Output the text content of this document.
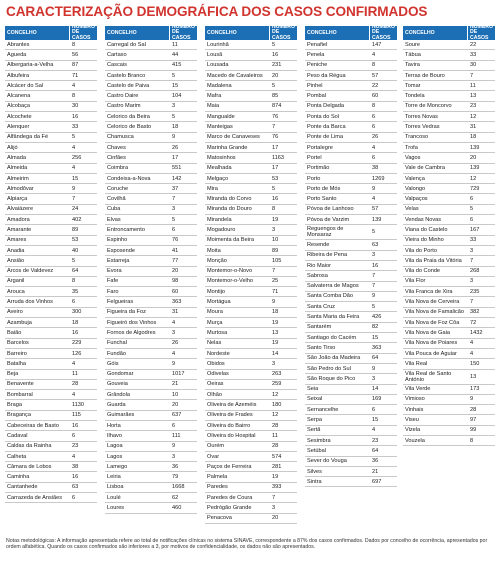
CARACTERIZAÇÃO DEMOGRÁFICA DOS CASOS CONFIRMADOS
CONCELHO
NÚMERO DE CASOS
Abrantes	8
Águeda	56
Albergaria-a-Velha	87
Albufeira	71
Alcácer do Sal	4
Alcanena	8
Alcobaça	30
Alcochete	16
Alenquer	33
Alfândega da Fé	5
Alijó	4
Almada	256
Almeida	4
Almeirim	15
Almodôvar	9
Alpiarça	7
Alvaiázere	24
Amadora	402
Amarante	89
Amares	53
Anadia	40
Ansião	5
Arcos de Valdevez	64
Arganil	8
Arouca	35
Arruda dos Vinhos	6
Aveiro	300
Azambuja	18
Baião	16
Barcelos	229
Barreiro	126
Batalha	4
Beja	11
Benavente	28
Bombarral	4
Braga	1130
Bragança	115
Cabeceiras de Basto	16
Cadaval	6
Caldas da Rainha	23
Calheta	4
Câmara de Lobos	38
Caminha	16
Cantanhede	63
Carrazeda de Ansiães	6
CONCELHO
NÚMERO DE CASOS
Carregal do Sal	11
Cartaxo	44
Cascais	415
Castelo Branco	5
Castelo de Paiva	15
Castro Daire	104
Castro Marim	3
Celorico da Beira	5
Celorico de Basto	18
Chamusca	9
Chaves	26
Cinfães	17
Coimbra	551
Condeixa-a-Nova	142
Coruche	37
Covilhã	7
Cuba	3
Elvas	5
Entroncamento	6
Espinho	76
Esposende	41
Estarreja	77
Évora	20
Fafe	98
Faro	60
Felgueiras	363
Figueira da Foz	31
Figueiró dos Vinhos	4
Fornos de Algodres	3
Funchal	26
Fundão	4
Góis	9
Gondomar	1017
Gouveia	21
Grândola	10
Guarda	20
Guimarães	637
Horta	6
Ílhavo	111
Lagoa	9
Lagos	3
Lamego	36
Leiria	79
Lisboa	1668
Loulé	62
Loures	460
CONCELHO
NÚMERO DE CASOS
Lourinhã	5
Lousã	16
Lousada	231
Macedo de Cavaleiros	20
Madalena	5
Mafra	85
Maia	874
Mangualde	76
Manteigas	7
Marco de Canaveses	76
Marinha Grande	17
Matosinhos	1163
Mealhada	17
Melgaço	53
Mira	5
Miranda do Corvo	16
Miranda do Douro	8
Mirandela	19
Mogadouro	3
Moimenta da Beira	10
Moita	89
Monção	105
Montemor-o-Novo	7
Montemor-o-Velho	25
Montijo	71
Mortágua	9
Moura	18
Murça	19
Murtosa	13
Nelas	19
Nordeste	14
Óbidos	3
Odivelas	263
Oeiras	259
Olhão	12
Oliveira de Azeméis	180
Oliveira de Frades	12
Oliveira do Bairro	28
Oliveira do Hospital	11
Ourém	28
Ovar	574
Paços de Ferreira	281
Palmela	19
Paredes	393
Paredes de Coura	7
Pedrógão Grande	3
Penacova	20
CONCELHO
NÚMERO DE CASOS
Penafiel	147
Penela	4
Peniche	8
Peso da Régua	57
Pinhel	22
Pombal	60
Ponta Delgada	8
Ponta do Sol	6
Ponte da Barca	6
Ponte de Lima	26
Portalegre	4
Portel	6
Portimão	38
Porto	1269
Porto de Mós	9
Porto Santo	4
Póvoa de Lanhoso	57
Póvoa de Varzim	139
Reguengos de Monsaraz	5
Resende	63
Ribeira de Pena	3
Rio Maior	16
Sabrosa	7
Salvaterra de Magos	7
Santa Comba Dão	9
Santa Cruz	5
Santa Maria da Feira	426
Santarém	82
Santiago do Cacém	15
Santo Tirso	363
São João da Madeira	64
São Pedro do Sul	9
São Roque do Pico	3
Seia	14
Seixal	169
Sernancelhe	6
Serpa	15
Sertã	4
Sesimbra	23
Setúbal	64
Sever do Vouga	36
Silves	21
Sintra	697
CONCELHO
NÚMERO DE CASOS
Soure	22
Tábua	33
Tavira	30
Terras de Bouro	7
Tomar	11
Tondela	13
Torre de Moncorvo	23
Torres Novas	12
Torres Vedras	31
Trancoso	18
Trofa	139
Vagos	20
Vale de Cambra	139
Valença	12
Valongo	729
Valpaços	6
Velas	5
Vendas Novas	6
Viana do Castelo	167
Vieira do Minho	33
Vila do Porto	3
Vila da Praia da Vitória	7
Vila do Conde	268
Vila Flor	3
Vila Franca de Xira	235
Vila Nova de Cerveira	7
Vila Nova de Famalicão	382
Vila Nova de Foz Côa	72
Vila Nova de Gaia	1432
Vila Nova de Poiares	4
Vila Pouca de Aguiar	4
Vila Real	150
Vila Real de Santo António	13
Vila Verde	173
Vimioso	9
Vinhais	28
Viseu	97
Vizela	99
Vouzela	8
Notas metodológicas: A informação apresentada refere ao total de notificações clínicas no sistema SINAVE, correspondente a 87% dos casos confirmados. Dados por concelho de ocorrência, apresentados por ordem alfabética. Quando os casos confirmados são inferiores a 3, por motivos de confidencialidade, os dados não são apresentados.
